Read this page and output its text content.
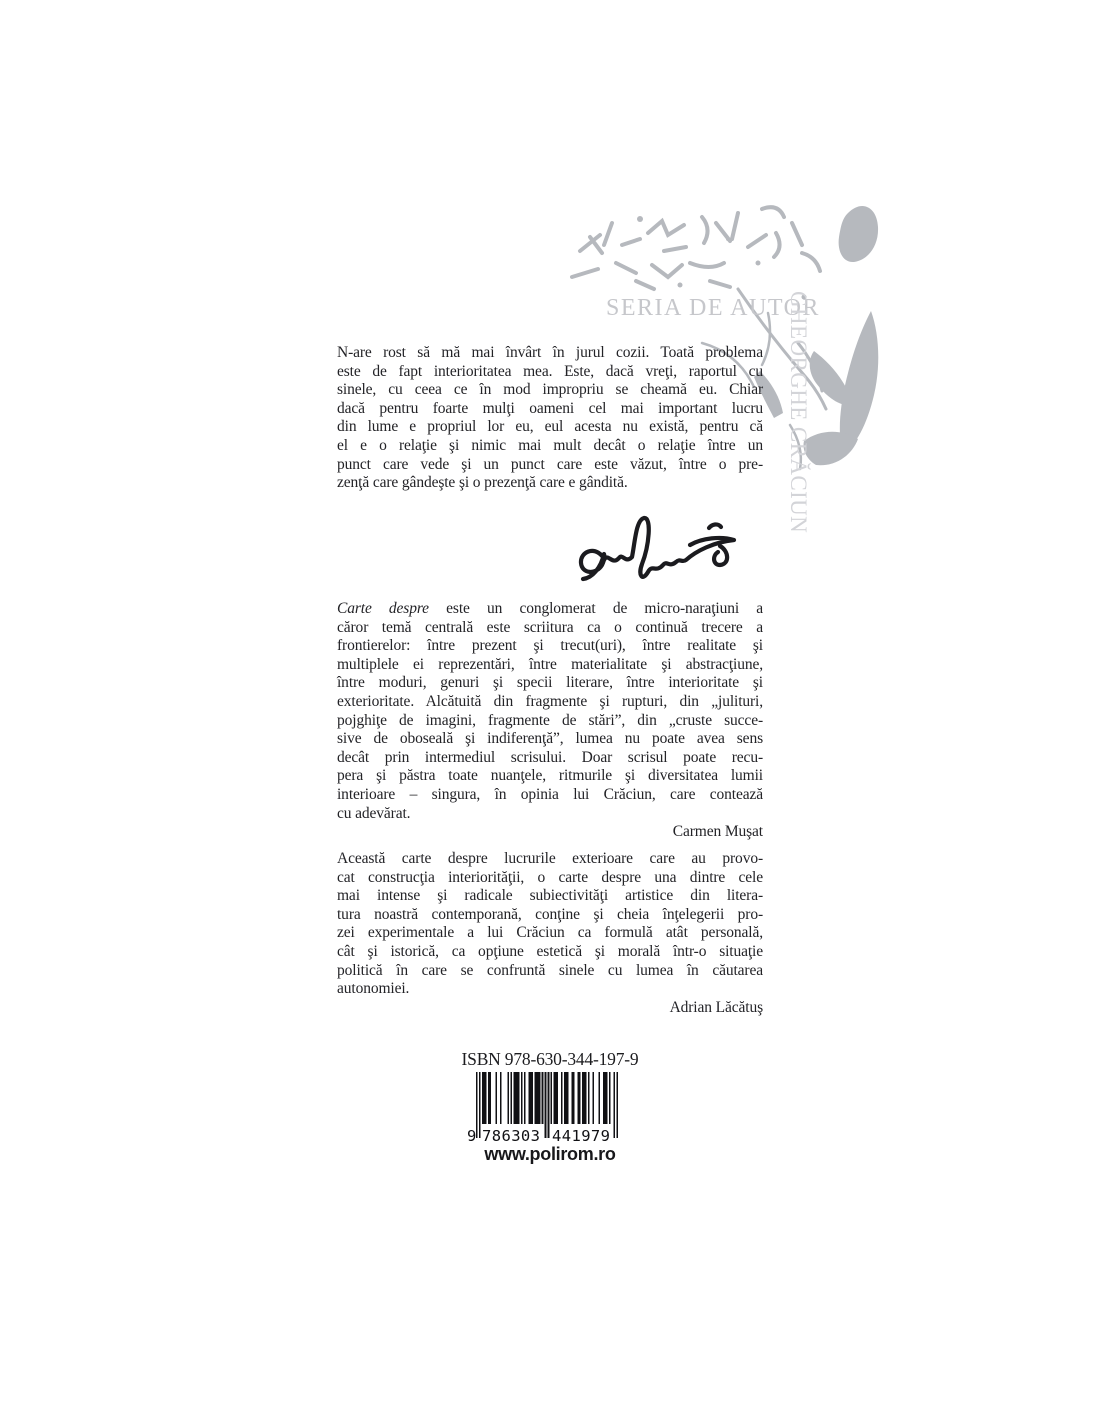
SERIA DE AUTOR
GHEORGHE CRĂCIUN
N-are rost să mă mai învârt în jurul cozii. Toată problema
este de fapt interioritatea mea. Este, dacă vreţi, raportul cu
sinele, cu ceea ce în mod impropriu se cheamă eu. Chiar
dacă pentru foarte mulţi oameni cel mai important lucru
din lume e propriul lor eu, eul acesta nu există, pentru că
el e o relaţie şi nimic mai mult decât o relaţie între un
punct care vede şi un punct care este văzut, între o pre-
zenţă care gândeşte şi o prezenţă care e gândită.
Carte despre este un conglomerat de micro-naraţiuni a
căror temă centrală este scriitura ca o continuă trecere a
frontierelor: între prezent şi trecut(uri), între realitate şi
multiplele ei reprezentări, între materialitate şi abstracţiune,
între moduri, genuri şi specii literare, între interioritate şi
exterioritate. Alcătuită din fragmente şi rupturi, din „julituri,
pojghiţe de imagini, fragmente de stări”, din „cruste succe-
sive de oboseală şi indiferenţă”, lumea nu poate avea sens
decât prin intermediul scrisului. Doar scrisul poate recu-
pera şi păstra toate nuanţele, ritmurile şi diversitatea lumii
interioare – singura, în opinia lui Crăciun, care contează
cu adevărat.
Carmen Muşat
Această carte despre lucrurile exterioare care au provo-
cat construcţia interiorităţii, o carte despre una dintre cele
mai intense şi radicale subiectivităţi artistice din litera-
tura noastră contemporană, conţine şi cheia înţelegerii pro-
zei experimentale a lui Crăciun ca formulă atât personală,
cât şi istorică, ca opţiune estetică şi morală într-o situaţie
politică în care se confruntă sinele cu lumea în căutarea
autonomiei.
Adrian Lăcătuş
ISBN 978-630-344-197-9
9 786303 441979
www.polirom.ro
